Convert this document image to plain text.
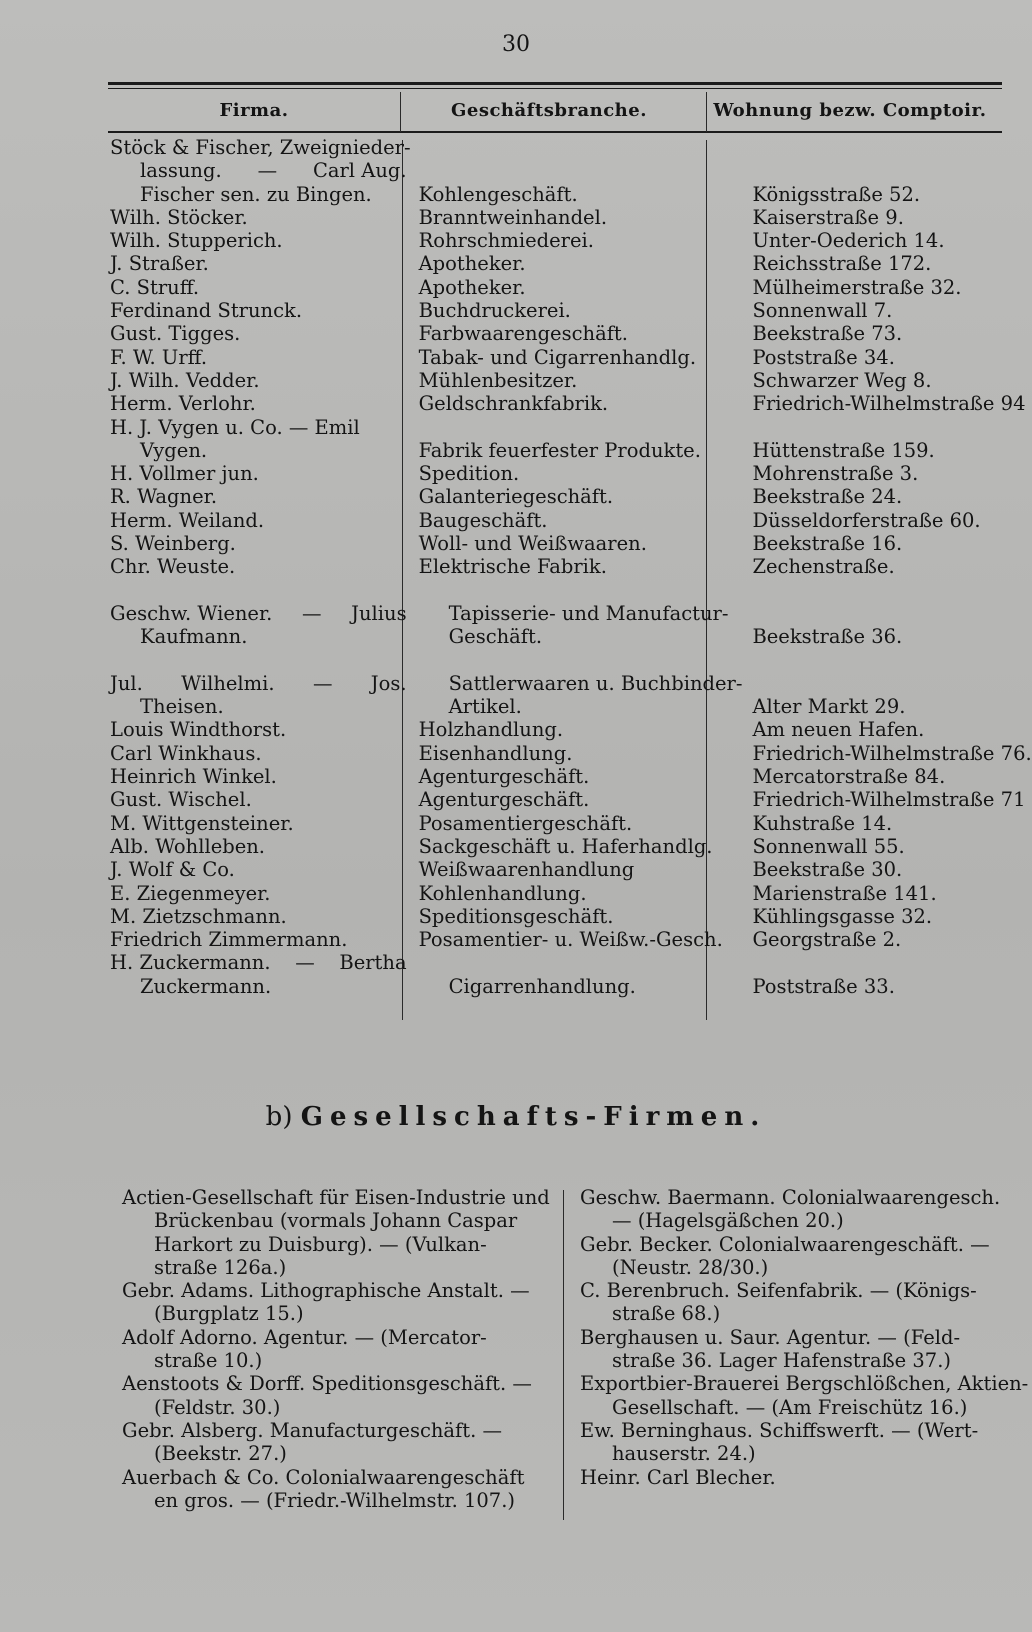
30
Firma.	Geschäftsbranche.	Wohnung bezw. Comptoir.
Stöck & Fischer, Zweignieder-
lassung. — Carl Aug.
Fischer sen. zu Bingen.	Kohlengeschäft.	Königsstraße 52.

Wilh. Stöcker.	Branntweinhandel.	Kaiserstraße 9.

Wilh. Stupperich.	Rohrschmiederei.	Unter-Oederich 14.

J. Straßer.	Apotheker.	Reichsstraße 172.

C. Struff.	Apotheker.	Mülheimerstraße 32.

Ferdinand Strunck.	Buchdruckerei.	Sonnenwall 7.

Gust. Tigges.	Farbwaarengeschäft.	Beekstraße 73.

F. W. Urff.	Tabak- und Cigarrenhandlg.	Poststraße 34.

J. Wilh. Vedder.	Mühlenbesitzer.	Schwarzer Weg 8.

Herm. Verlohr.	Geldschrankfabrik.	Friedrich-Wilhelmstraße 94

H. J. Vygen u. Co. — Emil
Vygen.	Fabrik feuerfester Produkte.	Hüttenstraße 159.

H. Vollmer jun.	Spedition.	Mohrenstraße 3.

R. Wagner.	Galanteriegeschäft.	Beekstraße 24.

Herm. Weiland.	Baugeschäft.	Düsseldorferstraße 60.

S. Weinberg.	Woll- und Weißwaaren.	Beekstraße 16.

Chr. Weuste.	Elektrische Fabrik.	Zechenstraße.

Geschw. Wiener. — Julius
Kaufmann.	Tapisserie- und Manufactur-
Geschäft.	Beekstraße 36.

Jul. Wilhelmi. — Jos.
Theisen.	Sattlerwaaren u. Buchbinder-
Artikel.	Alter Markt 29.

Louis Windthorst.	Holzhandlung.	Am neuen Hafen.

Carl Winkhaus.	Eisenhandlung.	Friedrich-Wilhelmstraße 76.

Heinrich Winkel.	Agenturgeschäft.	Mercatorstraße 84.

Gust. Wischel.	Agenturgeschäft.	Friedrich-Wilhelmstraße 71

M. Wittgensteiner.	Posamentiergeschäft.	Kuhstraße 14.

Alb. Wohlleben.	Sackgeschäft u. Haferhandlg.	Sonnenwall 55.

J. Wolf & Co.	Weißwaarenhandlung	Beekstraße 30.

E. Ziegenmeyer.	Kohlenhandlung.	Marienstraße 141.

M. Zietzschmann.	Speditionsgeschäft.	Kühlingsgasse 32.

Friedrich Zimmermann.	Posamentier- u. Weißw.-Gesch.	Georgstraße 2.

H. Zuckermann. — Bertha
Zuckermann.	Cigarrenhandlung.	Poststraße 33.
b) Gesellschafts-Firmen.
Actien-Gesellschaft für Eisen-Industrie und
Brückenbau (vormals Johann Caspar
Harkort zu Duisburg). — (Vulkan-
straße 126a.)
Gebr. Adams. Lithographische Anstalt. —
(Burgplatz 15.)
Adolf Adorno. Agentur. — (Mercator-
straße 10.)
Aenstoots & Dorff. Speditionsgeschäft. —
(Feldstr. 30.)
Gebr. Alsberg. Manufacturgeschäft. —
(Beekstr. 27.)
Auerbach & Co. Colonialwaarengeschäft
en gros. — (Friedr.-Wilhelmstr. 107.)
Geschw. Baermann. Colonialwaarengesch.
— (Hagelsgäßchen 20.)
Gebr. Becker. Colonialwaarengeschäft. —
(Neustr. 28/30.)
C. Berenbruch. Seifenfabrik. — (Königs-
straße 68.)
Berghausen u. Saur. Agentur. — (Feld-
straße 36. Lager Hafenstraße 37.)
Exportbier-Brauerei Bergschlößchen, Aktien-
Gesellschaft. — (Am Freischütz 16.)
Ew. Berninghaus. Schiffswerft. — (Wert-
hauserstr. 24.)
Heinr. Carl Blecher.
